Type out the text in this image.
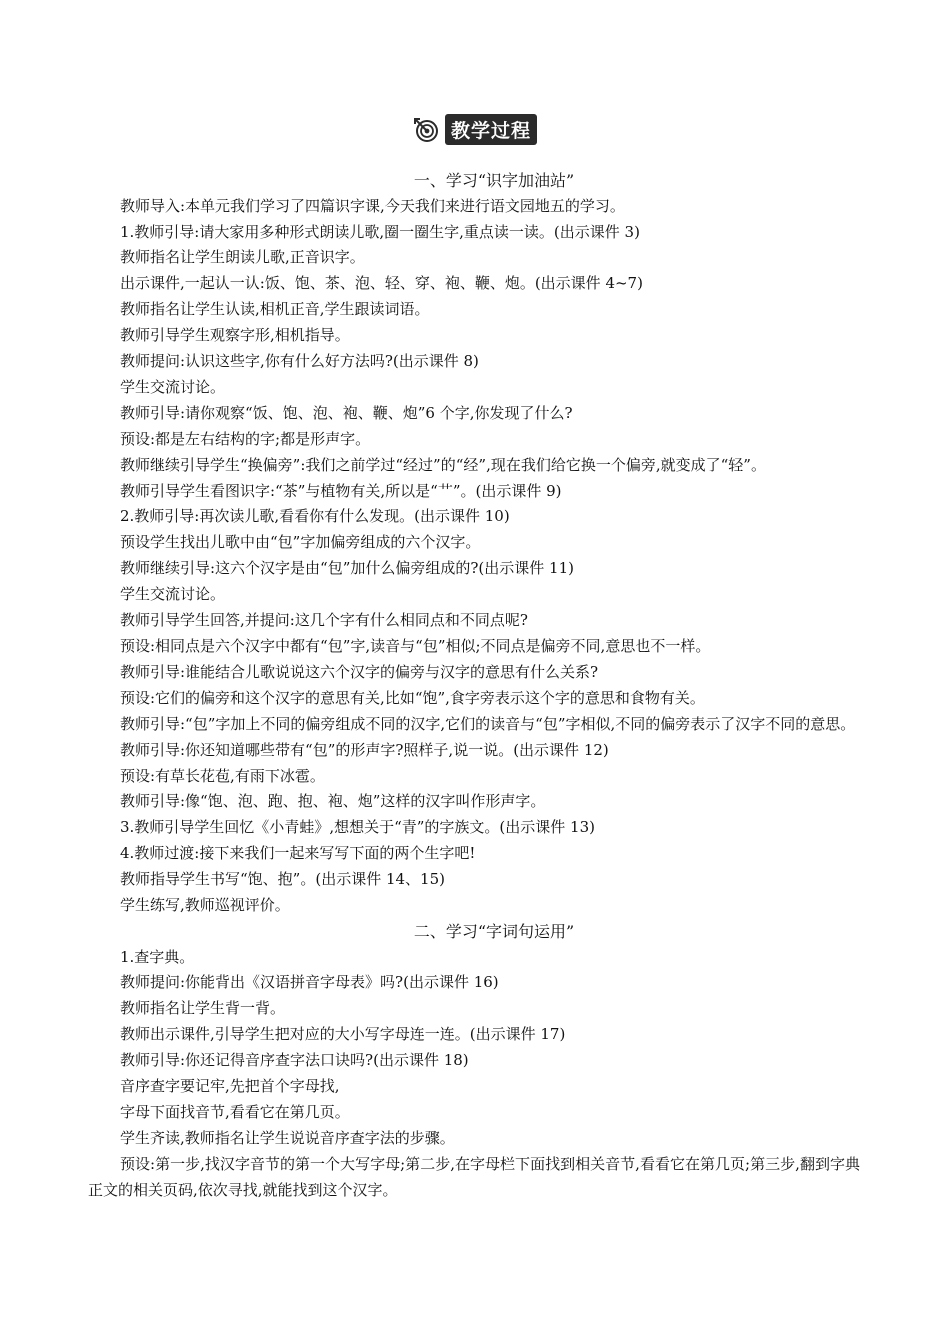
教学过程

一、学习“识字加油站”

教师导入:本单元我们学习了四篇识字课,今天我们来进行语文园地五的学习。

1.教师引导:请大家用多种形式朗读儿歌,圈一圈生字,重点读一读。(出示课件 3)

教师指名让学生朗读儿歌,正音识字。

出示课件,一起认一认:饭、饱、茶、泡、轻、穿、袍、鞭、炮。(出示课件 4~7)

教师指名让学生认读,相机正音,学生跟读词语。

教师引导学生观察字形,相机指导。

教师提问:认识这些字,你有什么好方法吗?(出示课件 8)

学生交流讨论。

教师引导:请你观察“饭、饱、泡、袍、鞭、炮”6 个字,你发现了什么?

预设:都是左右结构的字;都是形声字。

教师继续引导学生“换偏旁”:我们之前学过“经过”的“经”,现在我们给它换一个偏旁,就变成了“轻”。

教师引导学生看图识字:“茶”与植物有关,所以是“艹”。(出示课件 9)

2.教师引导:再次读儿歌,看看你有什么发现。(出示课件 10)

预设学生找出儿歌中由“包”字加偏旁组成的六个汉字。

教师继续引导:这六个汉字是由“包”加什么偏旁组成的?(出示课件 11)

学生交流讨论。

教师引导学生回答,并提问:这几个字有什么相同点和不同点呢?

预设:相同点是六个汉字中都有“包”字,读音与“包”相似;不同点是偏旁不同,意思也不一样。

教师引导:谁能结合儿歌说说这六个汉字的偏旁与汉字的意思有什么关系?

预设:它们的偏旁和这个汉字的意思有关,比如“饱”,食字旁表示这个字的意思和食物有关。

教师引导:“包”字加上不同的偏旁组成不同的汉字,它们的读音与“包”字相似,不同的偏旁表示了汉字不同的意思。

教师引导:你还知道哪些带有“包”的形声字?照样子,说一说。(出示课件 12)

预设:有草长花苞,有雨下冰雹。

教师引导:像“饱、泡、跑、抱、袍、炮”这样的汉字叫作形声字。

3.教师引导学生回忆《小青蛙》,想想关于“青”的字族文。(出示课件 13)

4.教师过渡:接下来我们一起来写写下面的两个生字吧!

教师指导学生书写“饱、抱”。(出示课件 14、15)

学生练写,教师巡视评价。

二、学习“字词句运用”

1.查字典。

教师提问:你能背出《汉语拼音字母表》吗?(出示课件 16)

教师指名让学生背一背。

教师出示课件,引导学生把对应的大小写字母连一连。(出示课件 17)

教师引导:你还记得音序查字法口诀吗?(出示课件 18)

音序查字要记牢,先把首个字母找,

字母下面找音节,看看它在第几页。

学生齐读,教师指名让学生说说音序查字法的步骤。

预设:第一步,找汉字音节的第一个大写字母;第二步,在字母栏下面找到相关音节,看看它在第几页;第三步,翻到字典正文的相关页码,依次寻找,就能找到这个汉字。
